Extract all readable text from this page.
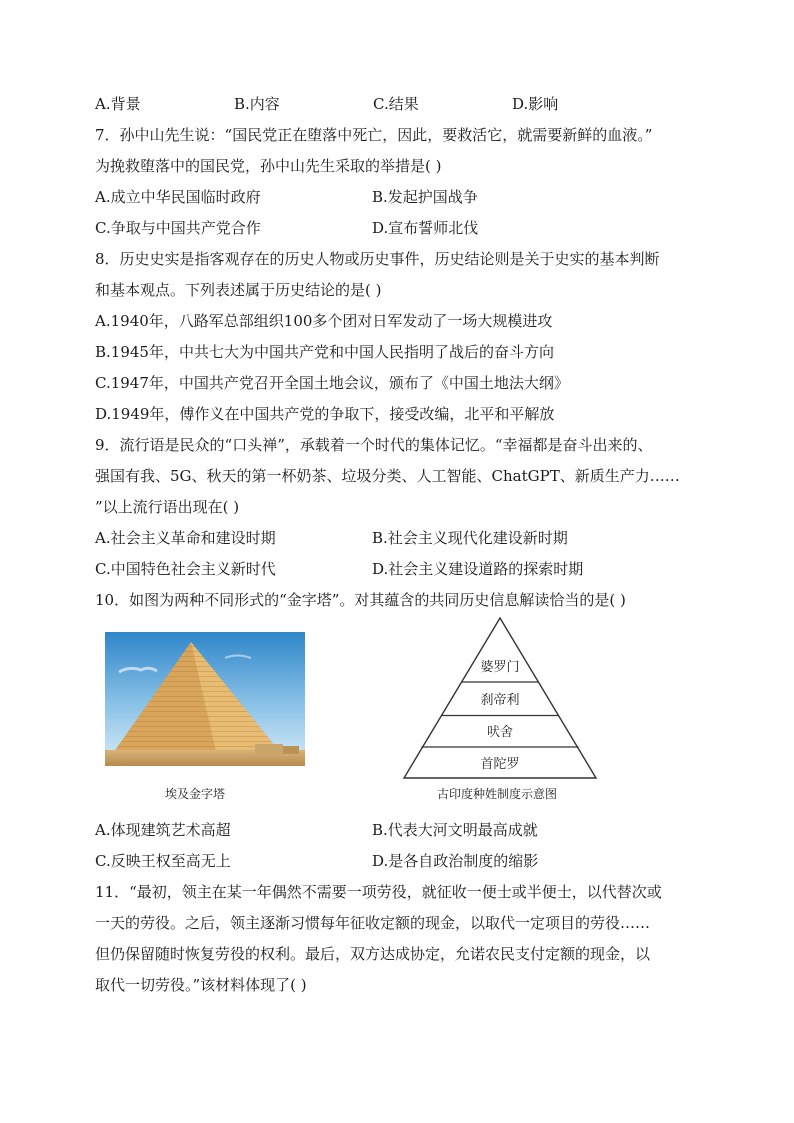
A.背景	B.内容	C.结果	D.影响
7．孙中山先生说：“国民党正在堕落中死亡，因此，要救活它，就需要新鲜的血液。”
为挽救堕落中的国民党，孙中山先生采取的举措是( )
A.成立中华民国临时政府	B.发起护国战争
C.争取与中国共产党合作	D.宣布誓师北伐
8．历史史实是指客观存在的历史人物或历史事件，历史结论则是关于史实的基本判断
和基本观点。下列表述属于历史结论的是( )
A.1940年，八路军总部组织100多个团对日军发动了一场大规模进攻
B.1945年，中共七大为中国共产党和中国人民指明了战后的奋斗方向
C.1947年，中国共产党召开全国土地会议，颁布了《中国土地法大纲》
D.1949年，傅作义在中国共产党的争取下，接受改编，北平和平解放
9．流行语是民众的“口头禅”，承载着一个时代的集体记忆。“幸福都是奋斗出来的、
强国有我、5G、秋天的第一杯奶茶、垃圾分类、人工智能、ChatGPT、新质生产力……
”以上流行语出现在( )
A.社会主义革命和建设时期	B.社会主义现代化建设新时期
C.中国特色社会主义新时代	D.社会主义建设道路的探索时期
10．如图为两种不同形式的“金字塔”。对其蕴含的共同历史信息解读恰当的是( )
埃及金字塔
婆罗门
刹帝利
吠舍
首陀罗
古印度种姓制度示意图
A.体现建筑艺术高超	B.代表大河文明最高成就
C.反映王权至高无上	D.是各自政治制度的缩影
11．“最初，领主在某一年偶然不需要一项劳役，就征收一便士或半便士，以代替次或
一天的劳役。之后，领主逐渐习惯每年征收定额的现金，以取代一定项目的劳役……
但仍保留随时恢复劳役的权利。最后，双方达成协定，允诺农民支付定额的现金，以
取代一切劳役。”该材料体现了( )
